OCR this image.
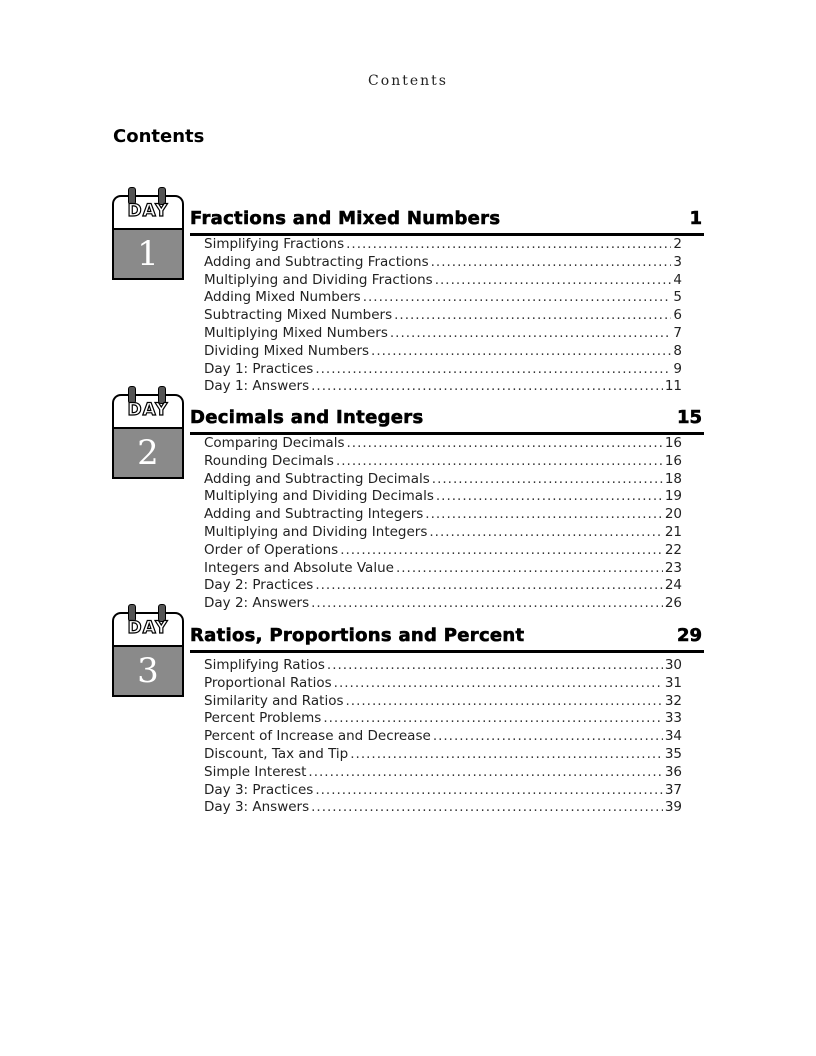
Contents
Contents
DAY
1
Fractions and Mixed Numbers	1
Simplifying Fractions .....	2
Adding and Subtracting Fractions .....	3
Multiplying and Dividing Fractions .....	4
Adding Mixed Numbers .....	5
Subtracting Mixed Numbers .....	6
Multiplying Mixed Numbers .....	7
Dividing Mixed Numbers .....	8
Day 1: Practices .....	9
Day 1: Answers .....	11
DAY
2
Decimals and Integers	15
Comparing Decimals .....	16
Rounding Decimals .....	16
Adding and Subtracting Decimals .....	18
Multiplying and Dividing Decimals .....	19
Adding and Subtracting Integers .....	20
Multiplying and Dividing Integers .....	21
Order of Operations .....	22
Integers and Absolute Value .....	23
Day 2: Practices .....	24
Day 2: Answers .....	26
DAY
3
Ratios, Proportions and Percent	29
Simplifying Ratios .....	30
Proportional Ratios .....	31
Similarity and Ratios .....	32
Percent Problems .....	33
Percent of Increase and Decrease .....	34
Discount, Tax and Tip .....	35
Simple Interest .....	36
Day 3: Practices .....	37
Day 3: Answers .....	39
